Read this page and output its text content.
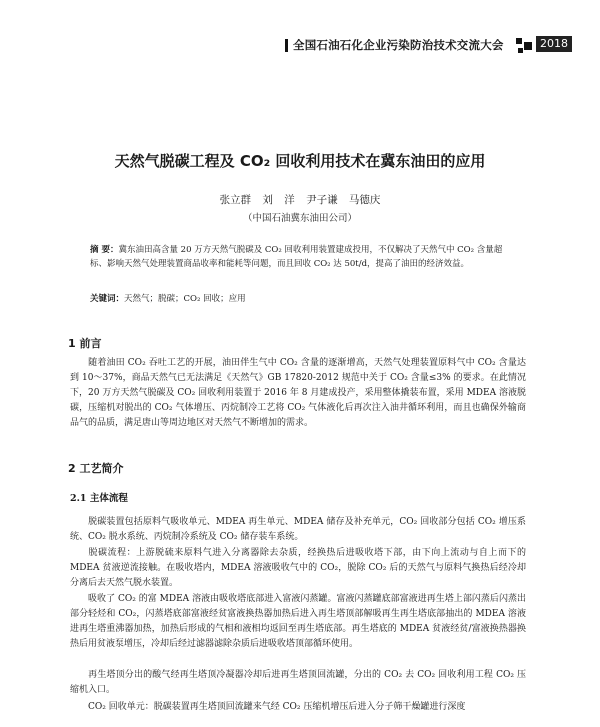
全国石油石化企业污染防治技术交流大会	2018
天然气脱碳工程及 CO₂ 回收利用技术在冀东油田的应用
张立群 刘 洋 尹子谦 马德庆
（中国石油冀东油田公司）
摘 要：冀东油田高含量 20 万方天然气脱碳及 CO₂ 回收利用装置建成投用，不仅解决了天然气中 CO₂ 含量超标、影响天然气处理装置商品收率和能耗等问题，而且回收 CO₂ 达 50t/d，提高了油田的经济效益。
关键词：天然气；脱碳；CO₂ 回收；应用
1 前言
随着油田 CO₂ 吞吐工艺的开展，油田伴生气中 CO₂ 含量的逐渐增高，天然气处理装置原料气中 CO₂ 含量达到 10～37%，商品天然气已无法满足《天然气》GB 17820-2012 规范中关于 CO₂ 含量≤3% 的要求。在此情况下，20 万方天然气脱碳及 CO₂ 回收利用装置于 2016 年 8 月建成投产，采用整体撬装布置，采用 MDEA 溶液脱碳，压缩机对脱出的 CO₂ 气体增压、丙烷制冷工艺将 CO₂ 气体液化后再次注入油井循环利用，而且也确保外输商品气的品质，满足唐山等周边地区对天然气不断增加的需求。
2 工艺简介
2.1 主体流程
脱碳装置包括原料气吸收单元、MDEA 再生单元、MDEA 储存及补充单元，CO₂ 回收部分包括 CO₂ 增压系统、CO₂ 脱水系统、丙烷制冷系统及 CO₂ 储存装车系统。
脱碳流程：上游脱硫来原料气进入分离器除去杂质，经换热后进吸收塔下部，由下向上流动与自上而下的 MDEA 贫液逆流接触。在吸收塔内，MDEA 溶液吸收气中的 CO₂，脱除 CO₂ 后的天然气与原料气换热后经冷却分离后去天然气脱水装置。
吸收了 CO₂ 的富 MDEA 溶液由吸收塔底部进入富液闪蒸罐。富液闪蒸罐底部富液进再生塔上部闪蒸后闪蒸出部分轻烃和 CO₂，闪蒸塔底部富液经贫富液换热器加热后进入再生塔顶部解吸再生再生塔底部抽出的 MDEA 溶液进再生塔重沸器加热，加热后形成的气相和液相均返回至再生塔底部。再生塔底的 MDEA 贫液经贫/富液换热器换热后用贫液泵增压，冷却后经过滤器滤除杂质后进吸收塔顶部循环使用。
再生塔顶分出的酸气经再生塔顶冷凝器冷却后进再生塔顶回流罐，分出的 CO₂ 去 CO₂ 回收利用工程 CO₂ 压缩机入口。
CO₂ 回收单元：脱碳装置再生塔顶回流罐来气经 CO₂ 压缩机增压后进入分子筛干燥罐进行深度
